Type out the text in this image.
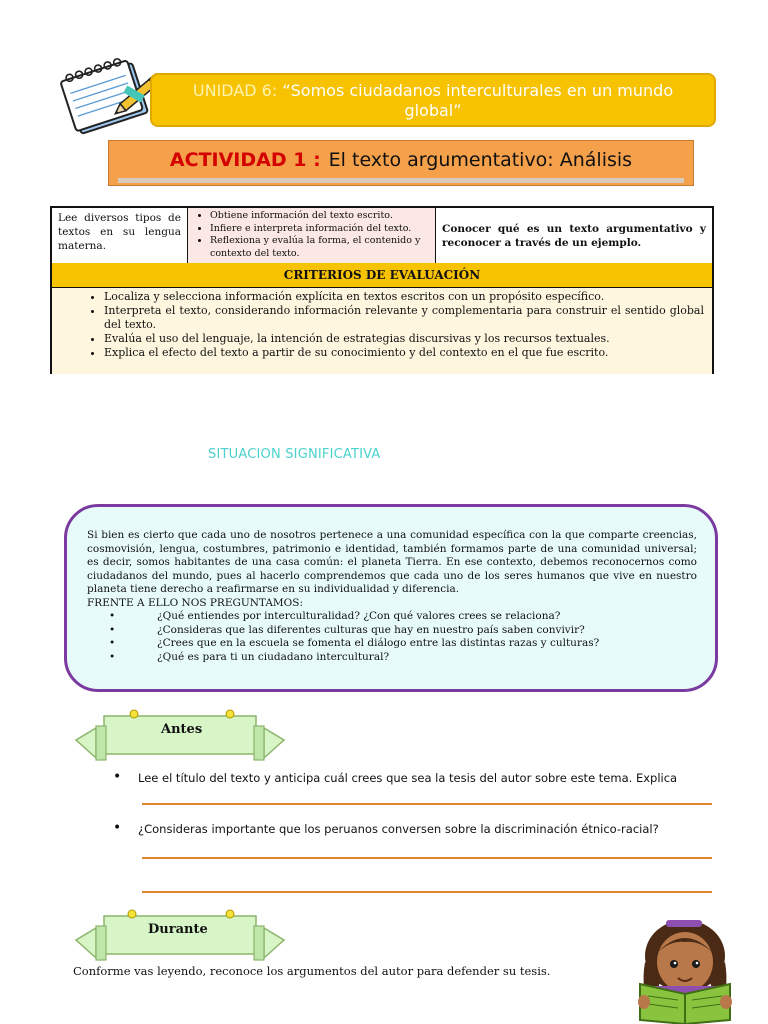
UNIDAD 6: “Somos ciudadanos interculturales en un mundo
global”
ACTIVIDAD 1 : El texto argumentativo: Análisis
Lee diversos tipos de textos en su lengua materna.
• Obtiene información del texto escrito.
• Infiere e interpreta información del texto.
• Reflexiona y evalúa la forma, el contenido y contexto del texto.
Conocer qué es un texto argumentativo y reconocer a través de un ejemplo.
CRITERIOS DE EVALUACIÓN
• Localiza y selecciona información explícita en textos escritos con un propósito específico.
• Interpreta el texto, considerando información relevante y complementaria para construir el sentido global del texto.
• Evalúa el uso del lenguaje, la intención de estrategias discursivas y los recursos textuales.
• Explica el efecto del texto a partir de su conocimiento y del contexto en el que fue escrito.
SITUACION SIGNIFICATIVA

Si bien es cierto que cada uno de nosotros pertenece a una comunidad específica con la que comparte creencias, cosmovisión, lengua, costumbres, patrimonio e identidad, también formamos parte de una comunidad universal; es decir, somos habitantes de una casa común: el planeta Tierra. En ese contexto, debemos reconocernos como ciudadanos del mundo, pues al hacerlo comprendemos que cada uno de los seres humanos que vive en nuestro planeta tiene derecho a reafirmarse en su individualidad y diferencia.

FRENTE A ELLO NOS PREGUNTAMOS:

• ¿Qué entiendes por interculturalidad? ¿Con qué valores crees se relaciona?
• ¿Consideras que las diferentes culturas que hay en nuestro país saben convivir?
• ¿Crees que en la escuela se fomenta el diálogo entre las distintas razas y culturas?
• ¿Qué es para ti un ciudadano intercultural?
Antes
• Lee el título del texto y anticipa cuál crees que sea la tesis del autor sobre este tema. Explica
• ¿Consideras importante que los peruanos conversen sobre la discriminación étnico-racial?
Durante
Conforme vas leyendo, reconoce los argumentos del autor para defender su tesis.
